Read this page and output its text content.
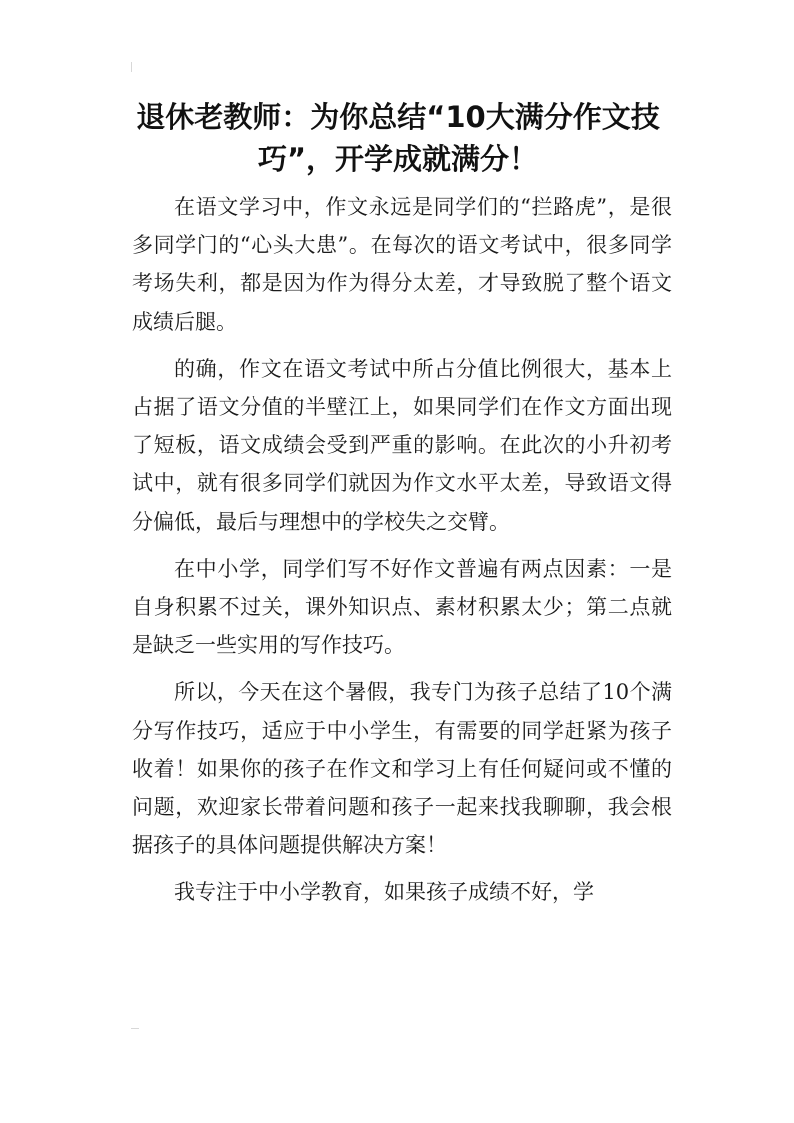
退休老教师：为你总结“10大满分作文技巧”，开学成就满分！

在语文学习中，作文永远是同学们的“拦路虎”，是很多同学门的“心头大患”。在每次的语文考试中，很多同学考场失利，都是因为作为得分太差，才导致脱了整个语文成绩后腿。

的确，作文在语文考试中所占分值比例很大，基本上占据了语文分值的半壁江上，如果同学们在作文方面出现了短板，语文成绩会受到严重的影响。在此次的小升初考试中，就有很多同学们就因为作文水平太差，导致语文得分偏低，最后与理想中的学校失之交臂。

在中小学，同学们写不好作文普遍有两点因素：一是自身积累不过关，课外知识点、素材积累太少；第二点就是缺乏一些实用的写作技巧。

所以，今天在这个暑假，我专门为孩子总结了10个满分写作技巧，适应于中小学生，有需要的同学赶紧为孩子收着！如果你的孩子在作文和学习上有任何疑问或不懂的问题，欢迎家长带着问题和孩子一起来找我聊聊，我会根据孩子的具体问题提供解决方案！

我专注于中小学教育，如果孩子成绩不好，学
